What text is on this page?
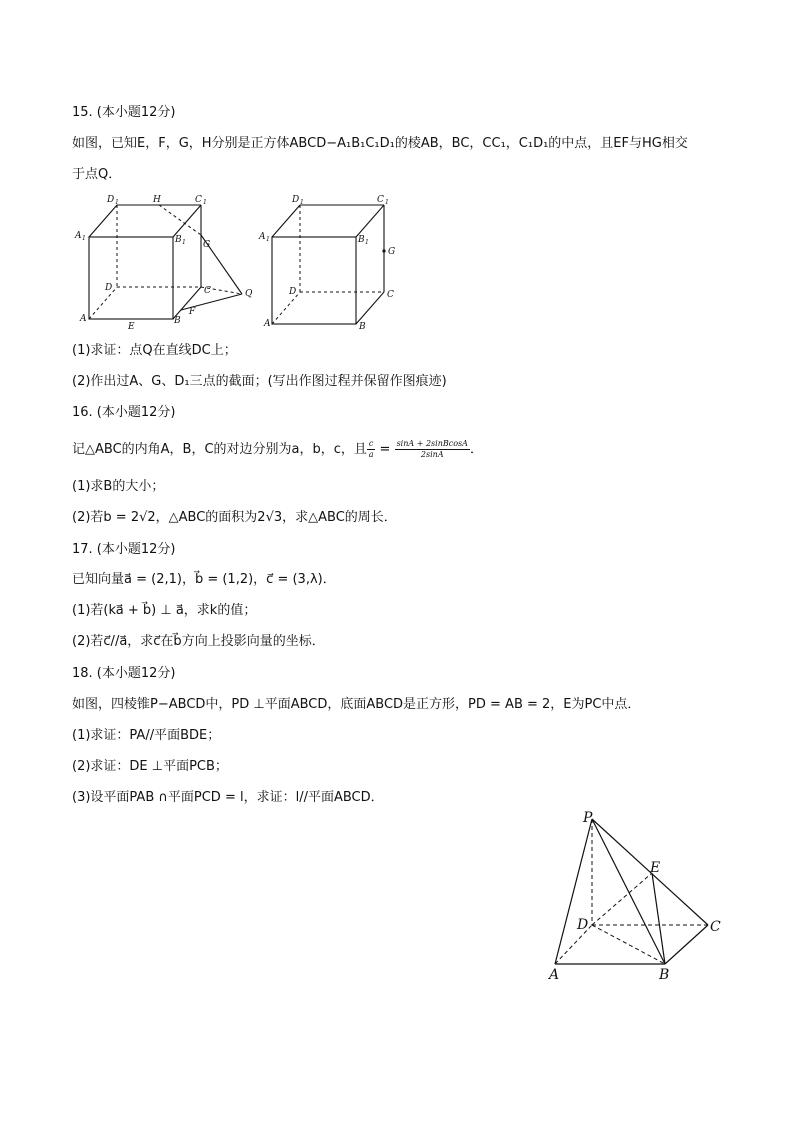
15. (本小题12分)
如图，已知E，F，G，H分别是正方体ABCD−A₁B₁C₁D₁的棱AB，BC，CC₁，C₁D₁的中点，且EF与HG相交
于点Q．
D 1	H	C 1
A 1	B 1 G
D	C	Q
A	B
F
E
D 1	C 1
A 1	B 1
G
D	C
A	B
(1)求证：点Q在直线DC上；
(2)作出过A、G、D₁三点的截面；(写出作图过程并保留作图痕迹)
16. (本小题12分)
记△ABC的内角A，B，C的对边分别为a，b，c，且 $\frac{c}{a} = \frac{\text{sinA + 2sinBcosA}}{2\sin A}$ ．
(1)求B的大小；
(2)若b = 2√2，△ABC的面积为2√3，求△ABC的周长．
17. (本小题12分)
已知向量a⃗ = (2,1)，b⃗ = (1,2)，c⃗ = (3,λ)．
(1)若(ka⃗ + b⃗) ⊥ a⃗，求k的值；
(2)若c⃗//a⃗，求c⃗在b⃗方向上投影向量的坐标．
18. (本小题12分)
如图，四棱锥P−ABCD中，PD ⊥平面ABCD，底面ABCD是正方形，PD = AB = 2，E为PC中点．
(1)求证：PA//平面BDE；
(2)求证：DE ⊥平面PCB；
(3)设平面PAB ∩平面PCD = l，求证：l//平面ABCD．
P
E
D	C
A	B
